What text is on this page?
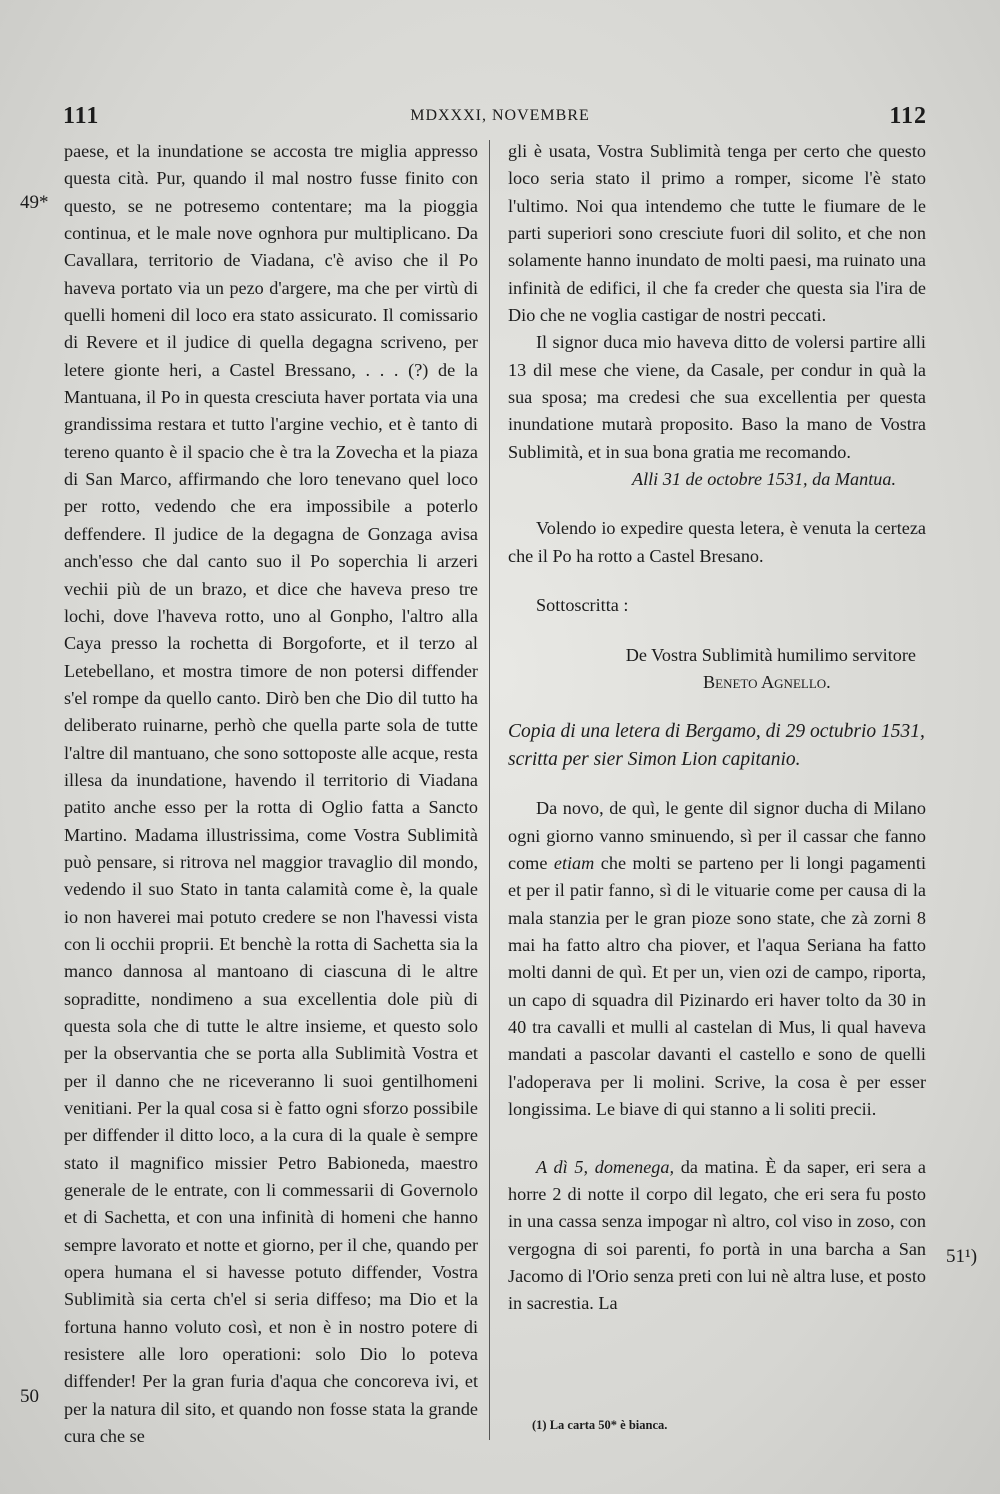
111	MDXXXI, NOVEMBRE	112
49*
50
51¹)

paese, et la inundatione se accosta tre miglia appresso questa cità. Pur, quando il mal nostro fusse finito con questo, se ne potresemo contentare; ma la pioggia continua, et le male nove ognhora pur multiplicano. Da Cavallara, territorio de Viadana, c'è aviso che il Po haveva portato via un pezo d'argere, ma che per virtù di quelli homeni dil loco era stato assicurato. Il comissario di Revere et il judice di quella degagna scriveno, per letere gionte heri, a Castel Bressano, . . . (?) de la Mantuana, il Po in questa cresciuta haver portata via una grandissima restara et tutto l'argine vechio, et è tanto di tereno quanto è il spacio che è tra la Zovecha et la piaza di San Marco, affirmando che loro tenevano quel loco per rotto, vedendo che era impossibile a poterlo deffendere. Il judice de la degagna de Gonzaga avisa anch'esso che dal canto suo il Po soperchia li arzeri vechii più de un brazo, et dice che haveva preso tre lochi, dove l'haveva rotto, uno al Gonpho, l'altro alla Caya presso la rochetta di Borgoforte, et il terzo al Letebellano, et mostra timore de non potersi diffender s'el rompe da quello canto. Dirò ben che Dio dil tutto ha deliberato ruinarne, perhò che quella parte sola de tutte l'altre dil mantuano, che sono sottoposte alle acque, resta illesa da inundatione, havendo il territorio di Viadana patito anche esso per la rotta di Oglio fatta a Sancto Martino. Madama illustrissima, come Vostra Sublimità può pensare, si ritrova nel maggior travaglio dil mondo, vedendo il suo Stato in tanta calamità come è, la quale io non haverei mai potuto credere se non l'havessi vista con li occhii proprii. Et benchè la rotta di Sachetta sia la manco dannosa al mantoano di ciascuna di le altre sopraditte, nondimeno a sua excellentia dole più di questa sola che di tutte le altre insieme, et questo solo per la observantia che se porta alla Sublimità Vostra et per il danno che ne riceveranno li suoi gentilhomeni venitiani. Per la qual cosa si è fatto ogni sforzo possibile per diffender il ditto loco, a la cura di la quale è sempre stato il magnifico missier Petro Babioneda, maestro generale de le entrate, con li commessarii di Governolo et di Sachetta, et con una infinità di homeni che hanno sempre lavorato et notte et giorno, per il che, quando per opera humana el si havesse potuto diffender, Vostra Sublimità sia certa ch'el si seria diffeso; ma Dio et la fortuna hanno voluto così, et non è in nostro potere di resistere alle loro operationi: solo Dio lo poteva diffender! Per la gran furia d'aqua che concoreva ivi, et per la natura dil sito, et quando non fosse stata la grande cura che se

gli è usata, Vostra Sublimità tenga per certo che questo loco seria stato il primo a romper, sicome l'è stato l'ultimo. Noi qua intendemo che tutte le fiumare de le parti superiori sono cresciute fuori dil solito, et che non solamente hanno inundato de molti paesi, ma ruinato una infinità de edifici, il che fa creder che questa sia l'ira de Dio che ne voglia castigar de nostri peccati.

Il signor duca mio haveva ditto de volersi partire alli 13 dil mese che viene, da Casale, per condur in quà la sua sposa; ma credesi che sua excellentia per questa inundatione mutarà proposito. Baso la mano de Vostra Sublimità, et in sua bona gratia me recomando.

Alli 31 de octobre 1531, da Mantua.

Volendo io expedire questa letera, è venuta la certeza che il Po ha rotto a Castel Bresano.

Sottoscritta :

De Vostra Sublimità humilimo servitore

Beneto Agnello.

Copia di una letera di Bergamo, di 29 octubrio 1531, scritta per sier Simon Lion capitanio.

Da novo, de quì, le gente dil signor ducha di Milano ogni giorno vanno sminuendo, sì per il cassar che fanno come etiam che molti se parteno per li longi pagamenti et per il patir fanno, sì di le vituarie come per causa di la mala stanzia per le gran pioze sono state, che zà zorni 8 mai ha fatto altro cha piover, et l'aqua Seriana ha fatto molti danni de quì. Et per un, vien ozi de campo, riporta, un capo di squadra dil Pizinardo eri haver tolto da 30 in 40 tra cavalli et mulli al castelan di Mus, li qual haveva mandati a pascolar davanti el castello e sono de quelli l'adoperava per li molini. Scrive, la cosa è per esser longissima. Le biave di qui stanno a li soliti precii.

A dì 5, domenega, da matina. È da saper, eri sera a horre 2 di notte il corpo dil legato, che eri sera fu posto in una cassa senza impogar nì altro, col viso in zoso, con vergogna di soi parenti, fo portà in una barcha a San Jacomo di l'Orio senza preti con lui nè altra luse, et posto in sacrestia. La

(1) La carta 50* è bianca.
